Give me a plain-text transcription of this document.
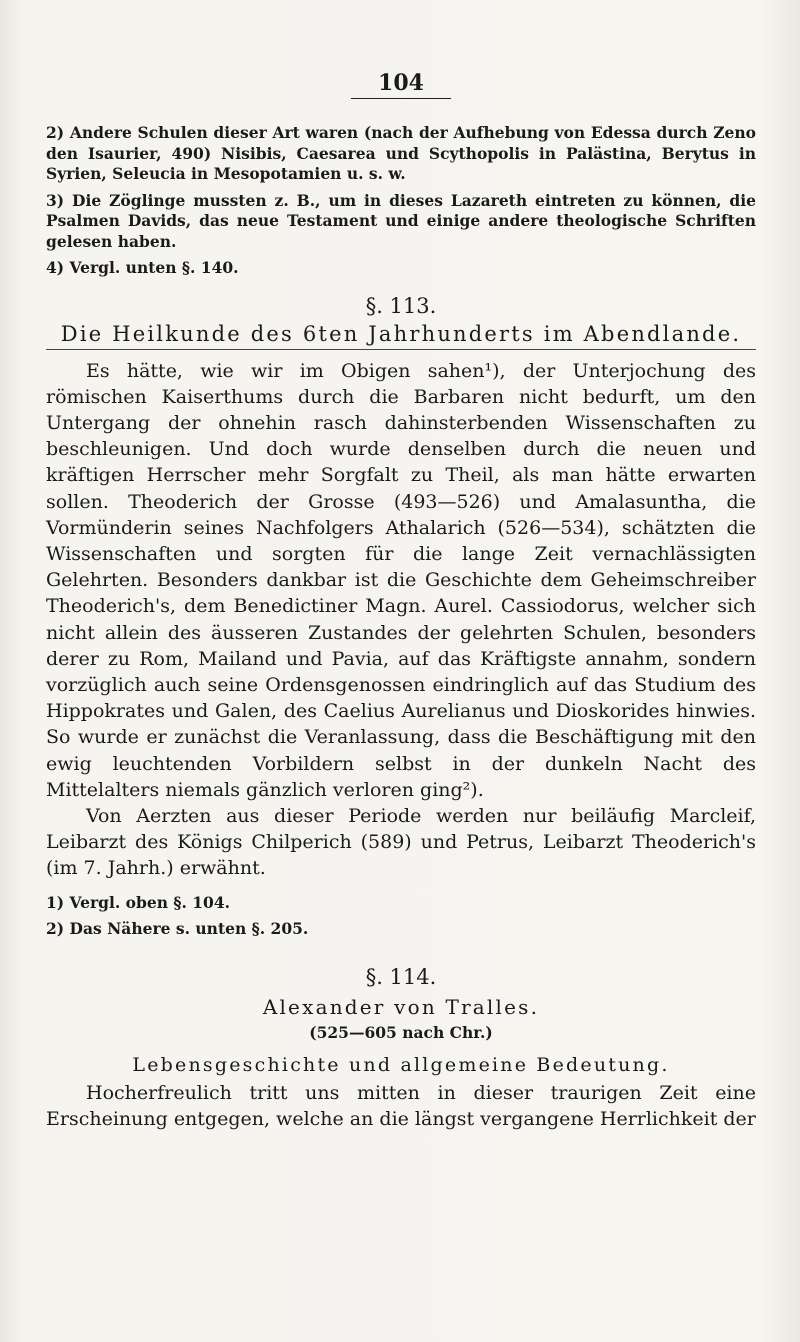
104
2) Andere Schulen dieser Art waren (nach der Aufhebung von Edessa durch Zeno den Isaurier, 490) Nisibis, Caesarea und Scythopolis in Palästina, Berytus in Syrien, Seleucia in Mesopotamien u. s. w.
3) Die Zöglinge mussten z. B., um in dieses Lazareth eintreten zu können, die Psalmen Davids, das neue Testament und einige andere theologische Schriften gelesen haben.
4) Vergl. unten §. 140.
§. 113.
Die Heilkunde des 6ten Jahrhunderts im Abendlande.

Es hätte, wie wir im Obigen sahen¹), der Unterjochung des römischen Kaiserthums durch die Barbaren nicht bedurft, um den Untergang der ohnehin rasch dahinsterbenden Wissenschaften zu beschleunigen. Und doch wurde denselben durch die neuen und kräftigen Herrscher mehr Sorgfalt zu Theil, als man hätte erwarten sollen. Theoderich der Grosse (493—526) und Amalasuntha, die Vormünderin seines Nachfolgers Athalarich (526—534), schätzten die Wissenschaften und sorgten für die lange Zeit vernachlässigten Gelehrten. Besonders dankbar ist die Geschichte dem Geheimschreiber Theoderich's, dem Benedictiner Magn. Aurel. Cassiodorus, welcher sich nicht allein des äusseren Zustandes der gelehrten Schulen, besonders derer zu Rom, Mailand und Pavia, auf das Kräftigste annahm, sondern vorzüglich auch seine Ordensgenossen eindringlich auf das Studium des Hippokrates und Galen, des Caelius Aurelianus und Dioskorides hinwies. So wurde er zunächst die Veranlassung, dass die Beschäftigung mit den ewig leuchtenden Vorbildern selbst in der dunkeln Nacht des Mittelalters niemals gänzlich verloren ging²).

Von Aerzten aus dieser Periode werden nur beiläufig Marcleif, Leibarzt des Königs Chilperich (589) und Petrus, Leibarzt Theoderich's (im 7. Jahrh.) erwähnt.

1) Vergl. oben §. 104.
2) Das Nähere s. unten §. 205.
§. 114.
Alexander von Tralles.
(525—605 nach Chr.)
Lebensgeschichte und allgemeine Bedeutung.

Hocherfreulich tritt uns mitten in dieser traurigen Zeit eine Erscheinung entgegen, welche an die längst vergangene Herrlichkeit der
